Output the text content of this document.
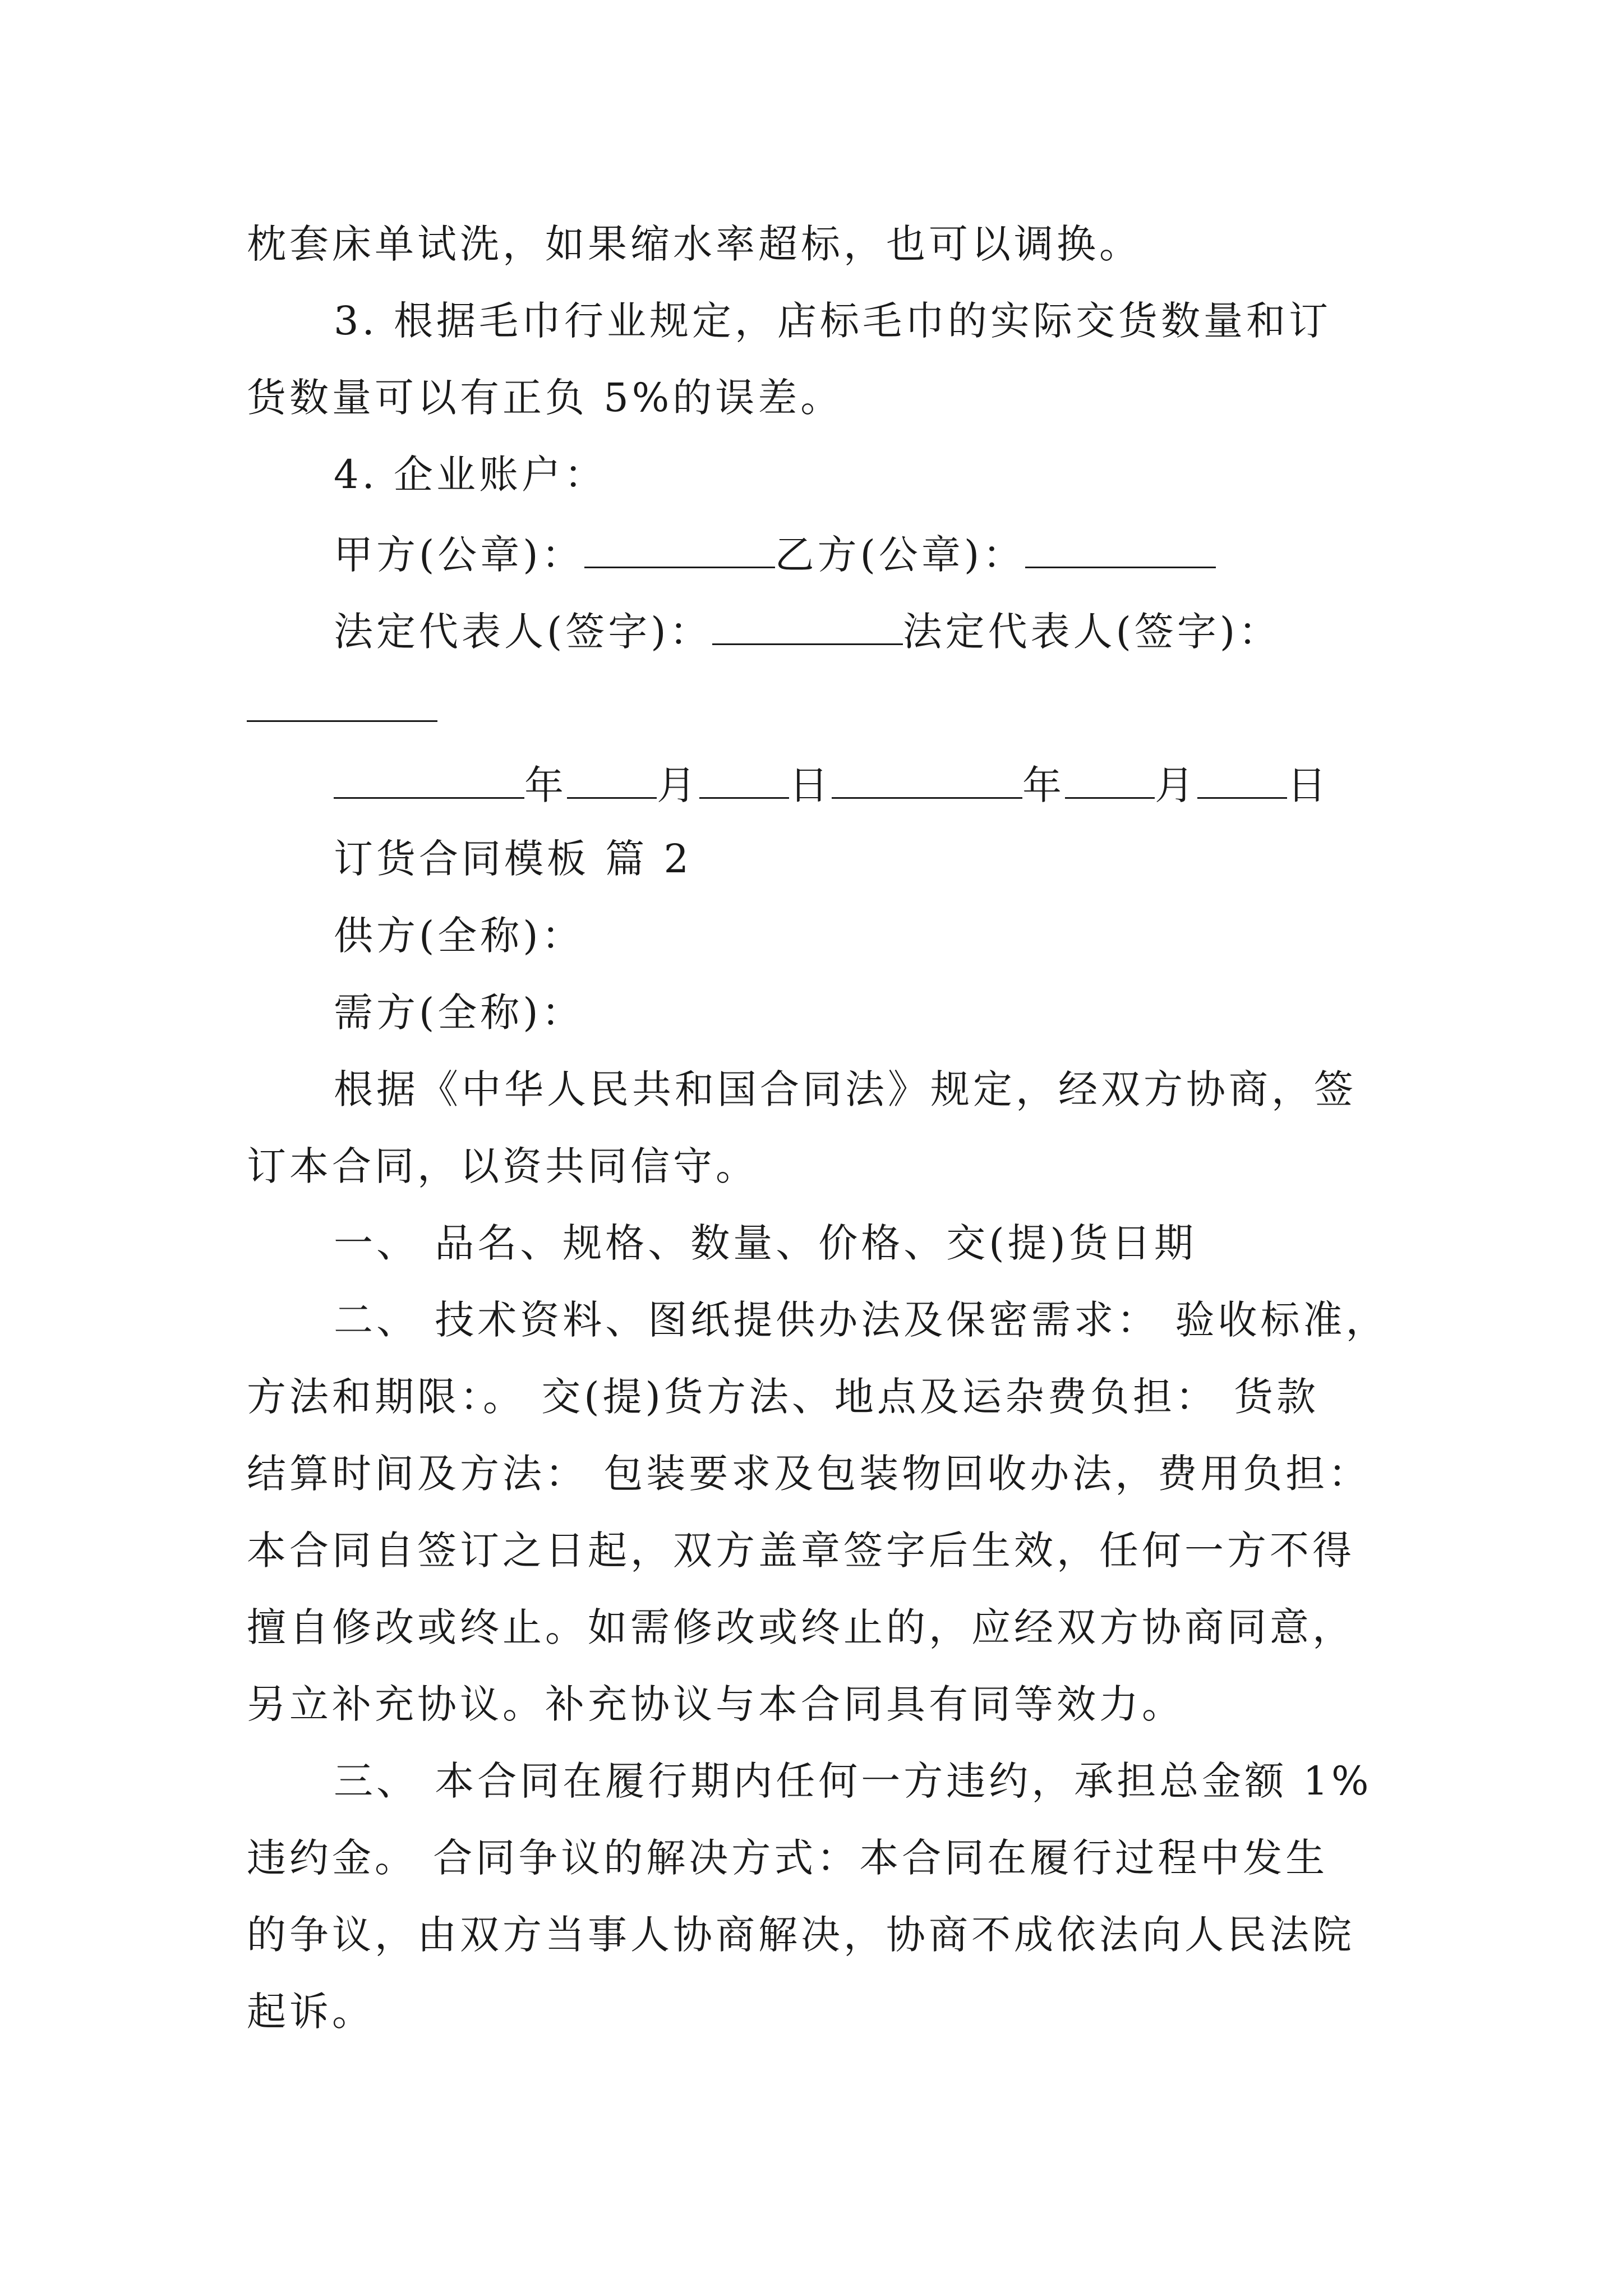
枕套床单试洗，如果缩水率超标，也可以调换。
3. 根据毛巾行业规定，店标毛巾的实际交货数量和订
货数量可以有正负 5%的误差。
4. 企业账户：
甲方(公章)：	乙方(公章)：
法定代表人(签字)：	法定代表人(签字)：
年 月 日	年 月 日
订货合同模板 篇 2
供方(全称)：
需方(全称)：
根据《中华人民共和国合同法》规定，经双方协商，签
订本合同，以资共同信守。
一、 品名、规格、数量、价格、交(提)货日期
二、 技术资料、图纸提供办法及保密需求： 验收标准，
方法和期限：。 交(提)货方法、地点及运杂费负担： 货款
结算时间及方法： 包装要求及包装物回收办法，费用负担：
本合同自签订之日起，双方盖章签字后生效，任何一方不得
擅自修改或终止。如需修改或终止的，应经双方协商同意，
另立补充协议。补充协议与本合同具有同等效力。
三、 本合同在履行期内任何一方违约，承担总金额 1%
违约金。 合同争议的解决方式：本合同在履行过程中发生
的争议，由双方当事人协商解决，协商不成依法向人民法院
起诉。
